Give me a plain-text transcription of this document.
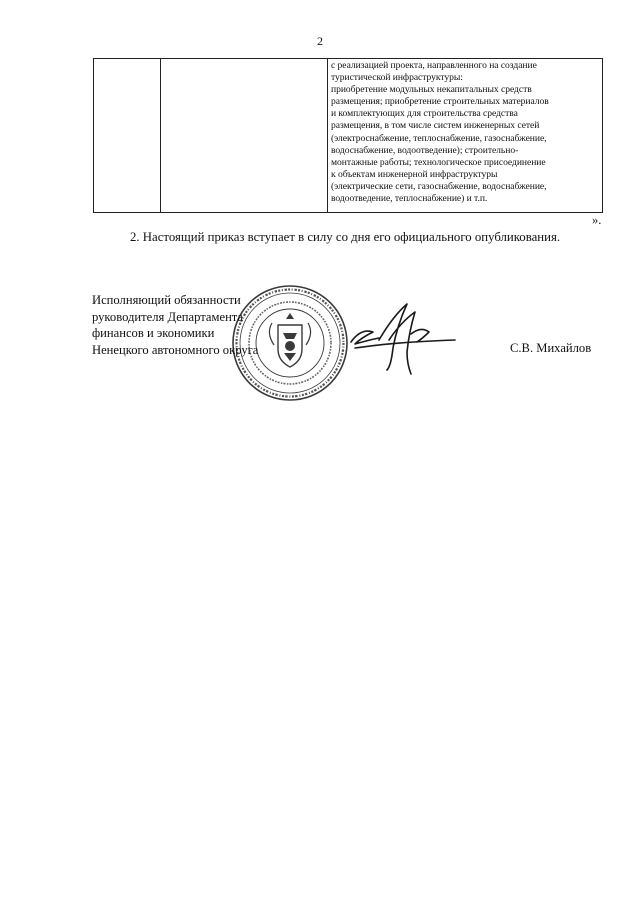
2

с реализацией проекта, направленного на создание
туристической инфраструктуры:
приобретение модульных некапитальных средств
размещения; приобретение строительных материалов
и комплектующих для строительства средства
размещения, в том числе систем инженерных сетей
(электроснабжение, теплоснабжение, газоснабжение,
водоснабжение, водоотведение); строительно-
монтажные работы; технологическое присоединение
к объектам инженерной инфраструктуры
(электрические сети, газоснабжение, водоснабжение,
водоотведение, теплоснабжение) и т.п.
».
2. Настоящий приказ вступает в силу со дня его официального опубликования.
Исполняющий обязанности
руководителя Департамента
финансов и экономики
Ненецкого автономного округа	С.В. Михайлов
